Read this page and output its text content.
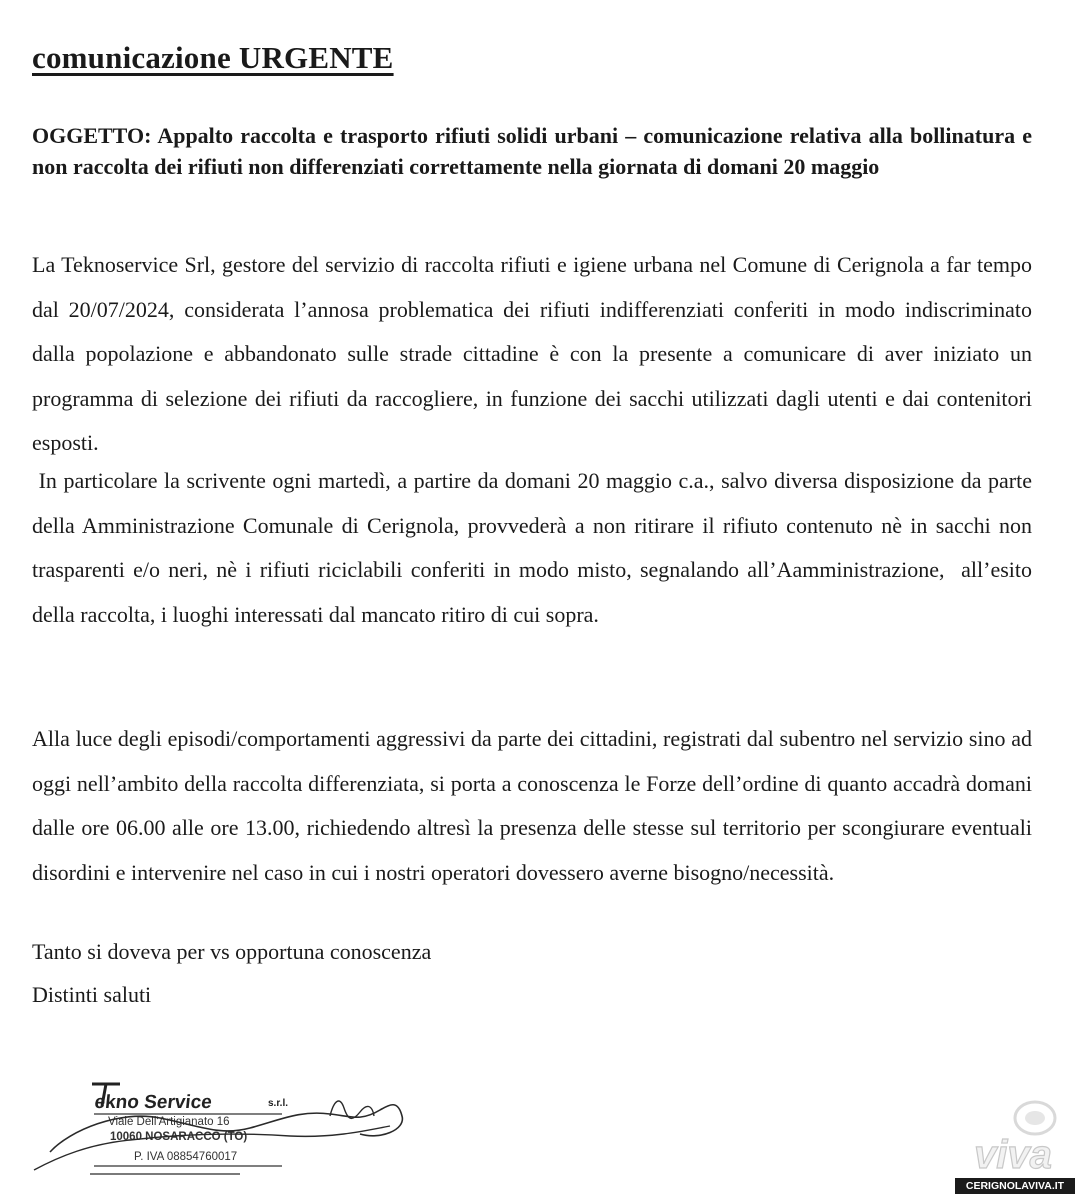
comunicazione URGENTE

OGGETTO: Appalto raccolta e trasporto rifiuti solidi urbani – comunicazione relativa alla bollinatura e non raccolta dei rifiuti non differenziati correttamente nella giornata di domani 20 maggio

La Teknoservice Srl, gestore del servizio di raccolta rifiuti e igiene urbana nel Comune di Cerignola a far tempo dal 20/07/2024, considerata l’annosa problematica dei rifiuti indifferenziati conferiti in modo indiscriminato dalla popolazione e abbandonato sulle strade cittadine è con la presente a comunicare di aver iniziato un programma di selezione dei rifiuti da raccogliere, in funzione dei sacchi utilizzati dagli utenti e dai contenitori esposti.

In particolare la scrivente ogni martedì, a partire da domani 20 maggio c.a., salvo diversa disposizione da parte della Amministrazione Comunale di Cerignola, provvederà a non ritirare il rifiuto contenuto nè in sacchi non trasparenti e/o neri, nè i rifiuti riciclabili conferiti in modo misto, segnalando all’Aamministrazione,  all’esito della raccolta, i luoghi interessati dal mancato ritiro di cui sopra.

Alla luce degli episodi/comportamenti aggressivi da parte dei cittadini, registrati dal subentro nel servizio sino ad oggi nell’ambito della raccolta differenziata, si porta a conoscenza le Forze dell’ordine di quanto accadrà domani dalle ore 06.00 alle ore 13.00, richiedendo altresì la presenza delle stesse sul territorio per scongiurare eventuali disordini e intervenire nel caso in cui i nostri operatori dovessero averne bisogno/necessità.

Tanto si doveva per vs opportuna conoscenza

Distinti saluti

ekno Service	s.r.l.
Viale Dell'Artigianato 16
10060 NOSARACCO (TO)
P. IVA 08854760017	viva
CERIGNOLAVIVA.IT
